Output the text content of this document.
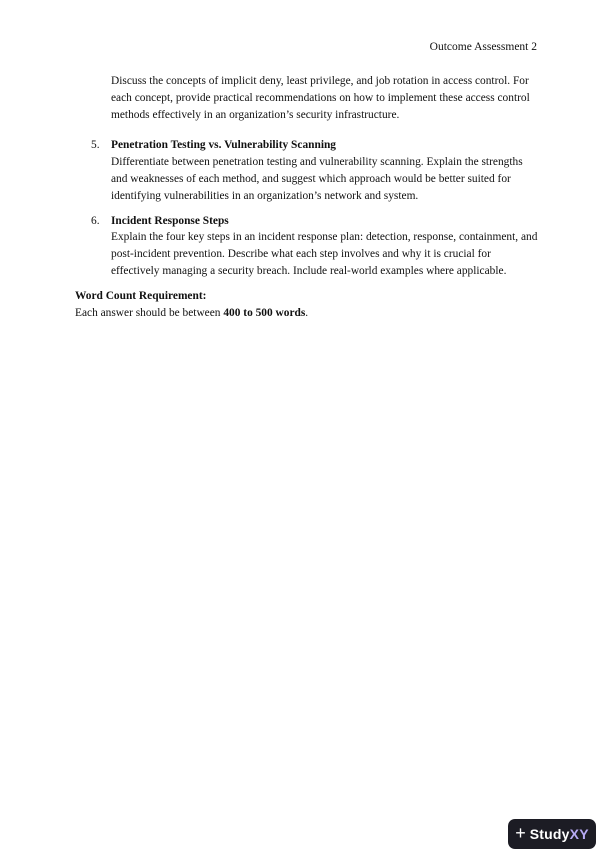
Outcome Assessment 2
Discuss the concepts of implicit deny, least privilege, and job rotation in access control. For each concept, provide practical recommendations on how to implement these access control methods effectively in an organization’s security infrastructure.
5. Penetration Testing vs. Vulnerability Scanning
Differentiate between penetration testing and vulnerability scanning. Explain the strengths and weaknesses of each method, and suggest which approach would be better suited for identifying vulnerabilities in an organization’s network and system.
6. Incident Response Steps
Explain the four key steps in an incident response plan: detection, response, containment, and post-incident prevention. Describe what each step involves and why it is crucial for effectively managing a security breach. Include real-world examples where applicable.
Word Count Requirement:
Each answer should be between 400 to 500 words.
+ StudyXY
